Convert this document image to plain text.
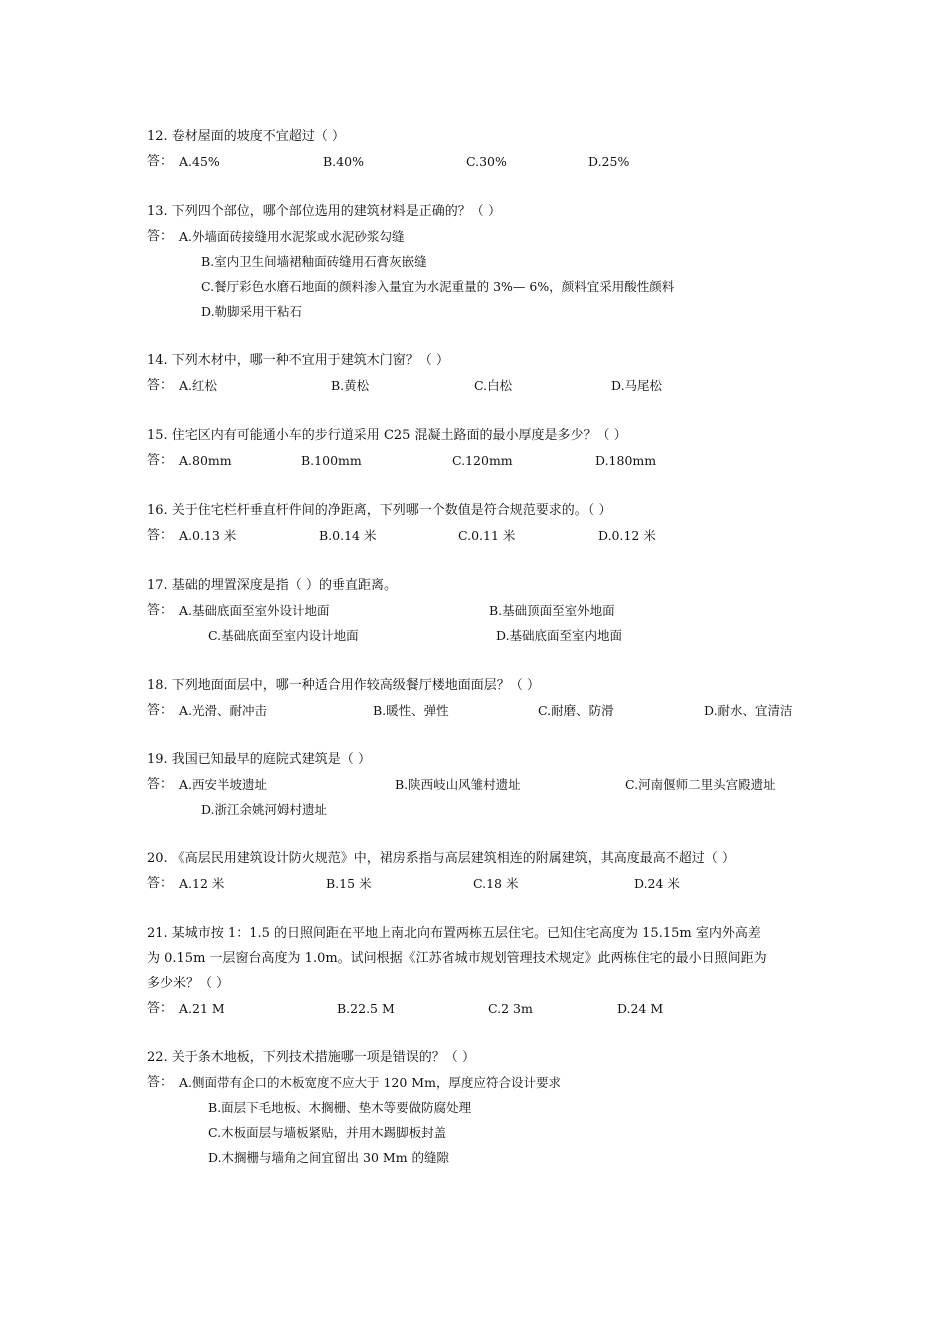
12. 卷材屋面的坡度不宜超过（ ）
答： A.45%	B.40%	C.30%	D.25%
13. 下列四个部位，哪个部位选用的建筑材料是正确的？（ ）
答： A.外墙面砖接缝用水泥浆或水泥砂浆勾缝
B.室内卫生间墙裙釉面砖缝用石膏灰嵌缝
C.餐厅彩色水磨石地面的颜料渗入量宜为水泥重量的 3%— 6%，颜料宜采用酸性颜料
D.勒脚采用干粘石
14. 下列木材中，哪一种不宜用于建筑木门窗？（ ）
答： A.红松	B.黄松	C.白松	D.马尾松
15. 住宅区内有可能通小车的步行道采用 C25 混凝土路面的最小厚度是多少？（ ）
答： A.80mm	B.100mm	C.120mm	D.180mm
16. 关于住宅栏杆垂直杆件间的净距离，下列哪一个数值是符合规范要求的。（ ）
答： A.0.13 米	B.0.14 米	C.0.11 米	D.0.12 米
17. 基础的埋置深度是指（ ）的垂直距离。
答： A.基础底面至室外设计地面	B.基础顶面至室外地面
C.基础底面至室内设计地面	D.基础底面至室内地面
18. 下列地面面层中，哪一种适合用作较高级餐厅楼地面面层？（ ）
答： A.光滑、耐冲击	B.暖性、弹性	C.耐磨、防滑	D.耐水、宜清洁
19. 我国已知最早的庭院式建筑是（ ）
答： A.西安半坡遗址	B.陕西岐山风雏村遗址	C.河南偃师二里头宫殿遗址
D.浙江余姚河姆村遗址
20. 《高层民用建筑设计防火规范》中，裙房系指与高层建筑相连的附属建筑，其高度最高不超过（ ）
答： A.12 米	B.15 米	C.18 米	D.24 米
21. 某城市按 1：1.5 的日照间距在平地上南北向布置两栋五层住宅。已知住宅高度为 15.15m 室内外高差
为 0.15m 一层窗台高度为 1.0m。试问根据《江苏省城市规划管理技术规定》此两栋住宅的最小日照间距为
多少米？（ ）
答： A.21 M	B.22.5 M	C.2 3m	D.24 M
22. 关于条木地板，下列技术措施哪一项是错误的？（ ）
答： A.侧面带有企口的木板宽度不应大于 120 Mm，厚度应符合设计要求
B.面层下毛地板、木搁栅、垫木等要做防腐处理
C.木板面层与墙板紧贴，并用木踢脚板封盖
D.木搁栅与墙角之间宜留出 30 Mm 的缝隙
